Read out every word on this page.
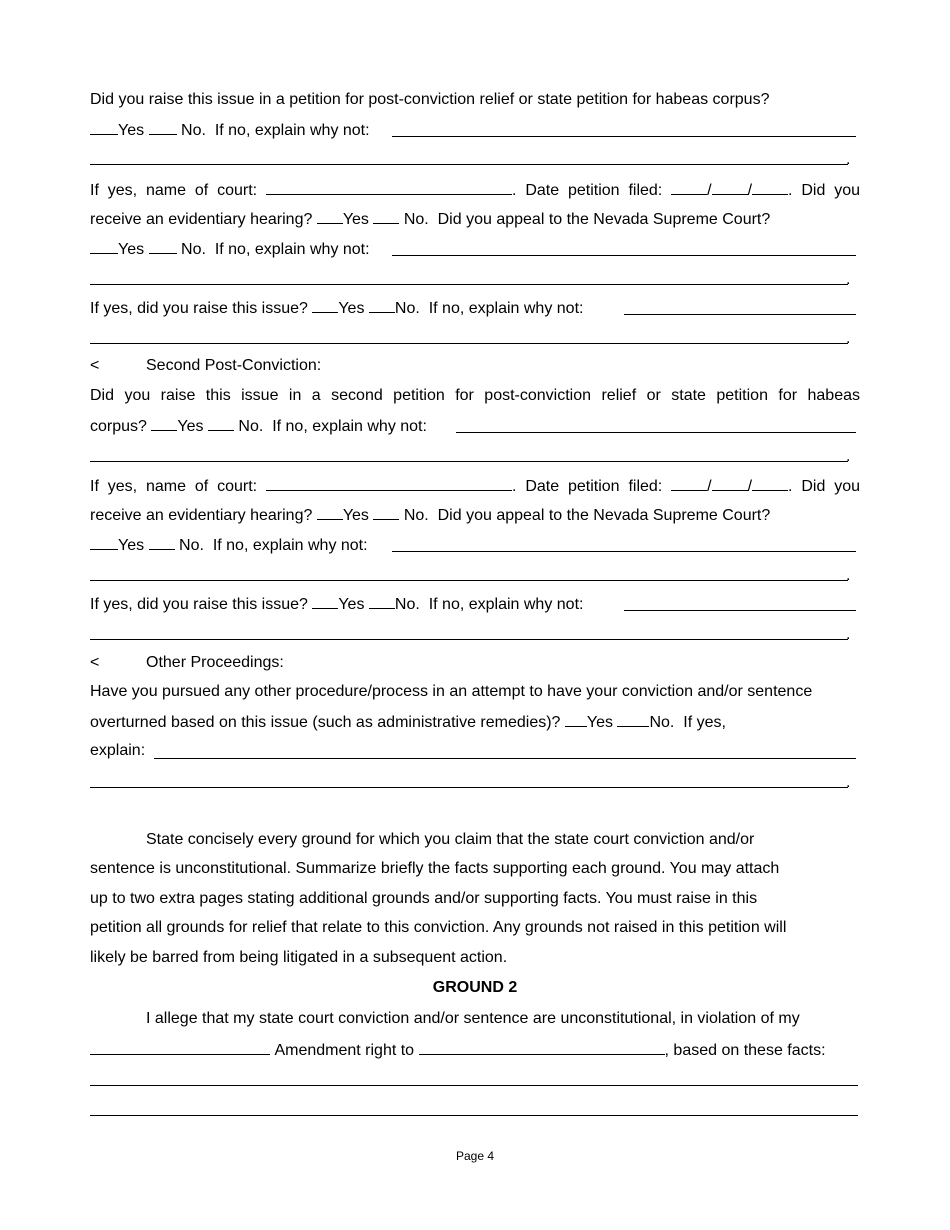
Did you raise this issue in a petition for post-conviction relief or state petition for habeas corpus?
Yes No. If no, explain why not:
.
If yes, name of court:	. Date petition filed:	/ / . Did you
receive an evidentiary hearing? Yes No. Did you appeal to the Nevada Supreme Court?
Yes No. If no, explain why not:
.
If yes, did you raise this issue? Yes No. If no, explain why not:
.
<	Second Post-Conviction:
Did you raise this issue in a second petition for post-conviction relief or state petition for habeas
corpus? Yes No. If no, explain why not:
.
If yes, name of court:	. Date petition filed:	/ / . Did you
receive an evidentiary hearing? Yes No. Did you appeal to the Nevada Supreme Court?
Yes No. If no, explain why not:
.
If yes, did you raise this issue? Yes No. If no, explain why not:
.
<	Other Proceedings:
Have you pursued any other procedure/process in an attempt to have your conviction and/or sentence
overturned based on this issue (such as administrative remedies)? Yes No. If yes,
explain:
.
State concisely every ground for which you claim that the state court conviction and/or
sentence is unconstitutional. Summarize briefly the facts supporting each ground. You may attach
up to two extra pages stating additional grounds and/or supporting facts. You must raise in this
petition all grounds for relief that relate to this conviction. Any grounds not raised in this petition will
likely be barred from being litigated in a subsequent action.
GROUND 2
I allege that my state court conviction and/or sentence are unconstitutional, in violation of my
Amendment right to	, based on these facts:
Page 4
